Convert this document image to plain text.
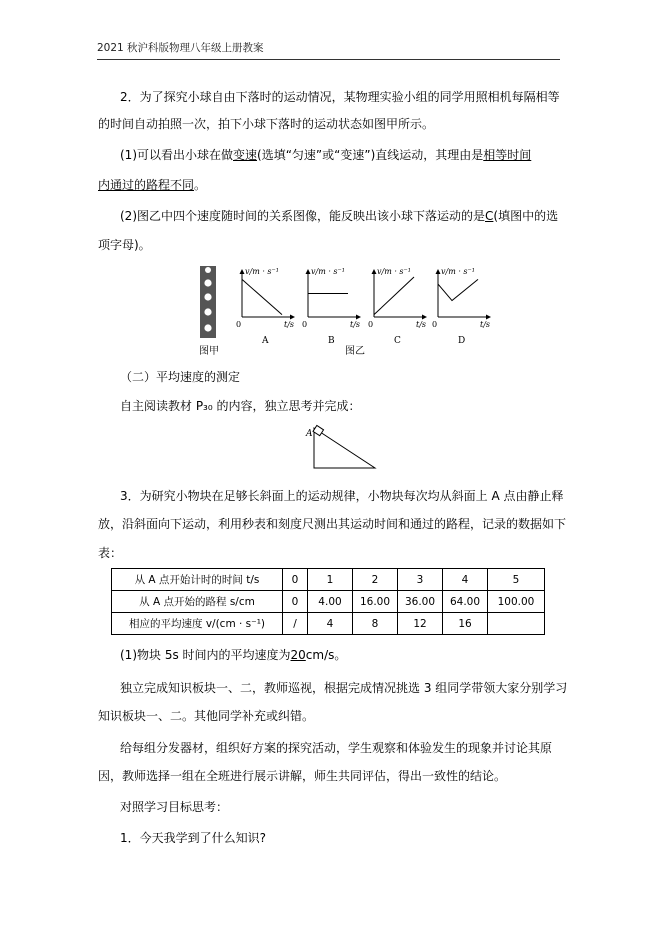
2021 秋沪科版物理八年级上册教案
2．为了探究小球自由下落时的运动情况，某物理实验小组的同学用照相机每隔相等
的时间自动拍照一次，拍下小球下落时的运动状态如图甲所示。
(1)可以看出小球在做变速(选填“匀速”或“变速”)直线运动，其理由是相等时间
内通过的路程不同。
(2)图乙中四个速度随时间的关系图像，能反映出该小球下落运动的是C(填图中的选
项字母)。
图甲	图乙
v/m · s⁻¹
t/s
0
A
v/m · s⁻¹
t/s
0
B
v/m · s⁻¹
t/s
0
C
v/m · s⁻¹
t/s
0
D
（二）平均速度的测定
自主阅读教材 P₃₀ 的内容，独立思考并完成：
A
3．为研究小物块在足够长斜面上的运动规律，小物块每次均从斜面上 A 点由静止释
放，沿斜面向下运动，利用秒表和刻度尺测出其运动时间和通过的路程，记录的数据如下
表：
从 A 点开始计时的时间 t/s	0	1	2	3	4	5
从 A 点开始的路程 s/cm	0	4.00	16.00	36.00	64.00	100.00
相应的平均速度 v/(cm · s⁻¹)	/	4	8	12	16	
(1)物块 5s 时间内的平均速度为20cm/s。
独立完成知识板块一、二，教师巡视，根据完成情况挑选 3 组同学带领大家分别学习
知识板块一、二。其他同学补充或纠错。
给每组分发器材，组织好方案的探究活动，学生观察和体验发生的现象并讨论其原
因，教师选择一组在全班进行展示讲解，师生共同评估，得出一致性的结论。
对照学习目标思考：
1．今天我学到了什么知识?
